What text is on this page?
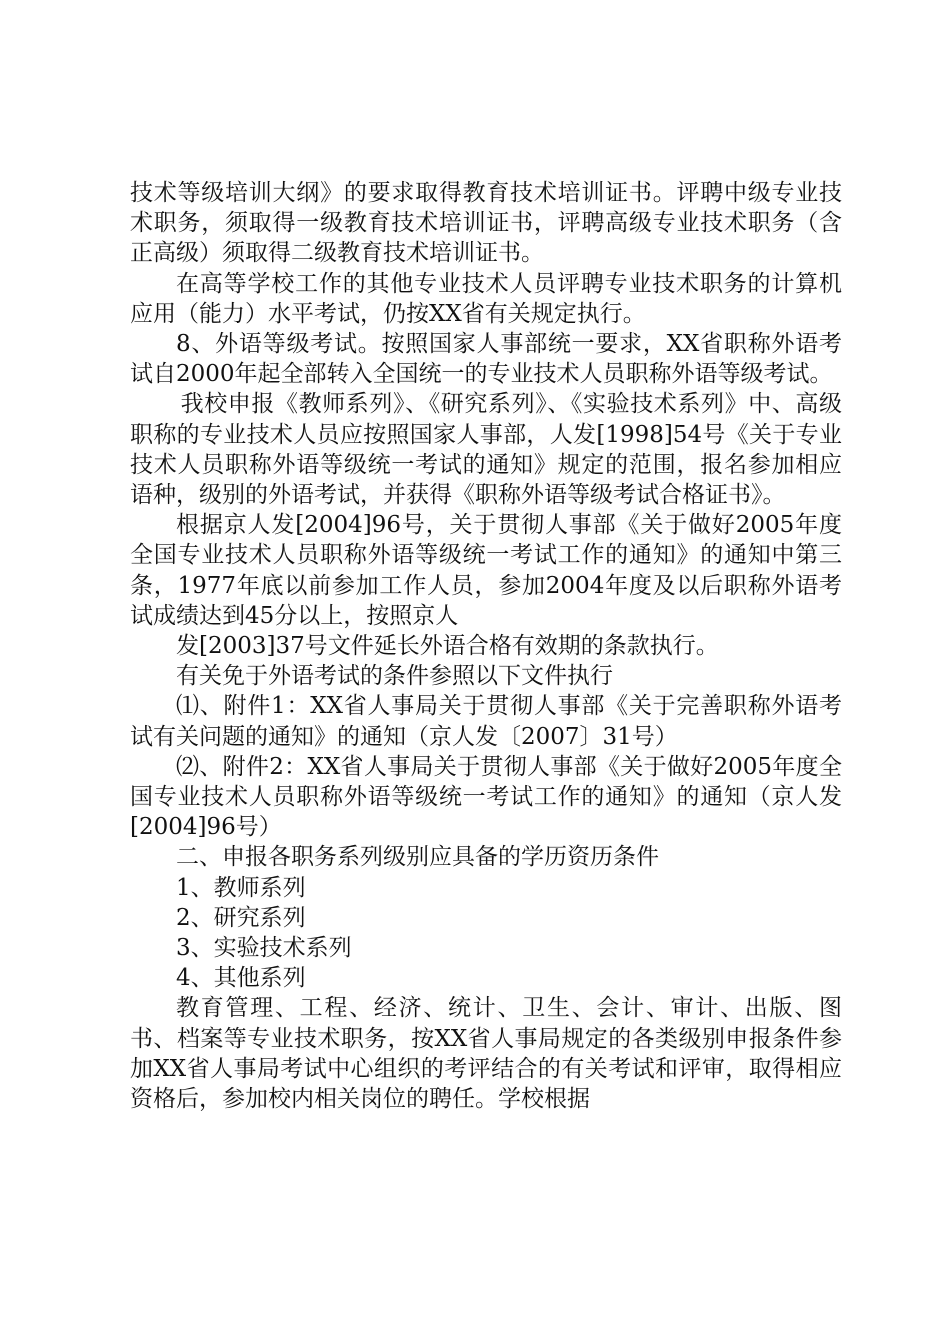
技术等级培训大纲》的要求取得教育技术培训证书。评聘中级专业技术职务，须取得一级教育技术培训证书，评聘高级专业技术职务（含正高级）须取得二级教育技术培训证书。

在高等学校工作的其他专业技术人员评聘专业技术职务的计算机应用（能力）水平考试，仍按XX省有关规定执行。

8、外语等级考试。按照国家人事部统一要求，XX省职称外语考试自2000年起全部转入全国统一的专业技术人员职称外语等级考试。

我校申报《教师系列》、《研究系列》、《实验技术系列》中、高级职称的专业技术人员应按照国家人事部，人发[1998]54号《关于专业技术人员职称外语等级统一考试的通知》规定的范围，报名参加相应语种，级别的外语考试，并获得《职称外语等级考试合格证书》。

根据京人发[2004]96号，关于贯彻人事部《关于做好2005年度全国专业技术人员职称外语等级统一考试工作的通知》的通知中第三条，1977年底以前参加工作人员，参加2004年度及以后职称外语考试成绩达到45分以上，按照京人

发[2003]37号文件延长外语合格有效期的条款执行。

有关免于外语考试的条件参照以下文件执行

⑴、附件1：XX省人事局关于贯彻人事部《关于完善职称外语考试有关问题的通知》的通知（京人发〔2007〕31号）

⑵、附件2：XX省人事局关于贯彻人事部《关于做好2005年度全国专业技术人员职称外语等级统一考试工作的通知》的通知（京人发[2004]96号）

二、申报各职务系列级别应具备的学历资历条件

1、教师系列

2、研究系列

3、实验技术系列

4、其他系列

教育管理、工程、经济、统计、卫生、会计、审计、出版、图书、档案等专业技术职务，按XX省人事局规定的各类级别申报条件参加XX省人事局考试中心组织的考评结合的有关考试和评审，取得相应资格后，参加校内相关岗位的聘任。学校根据
